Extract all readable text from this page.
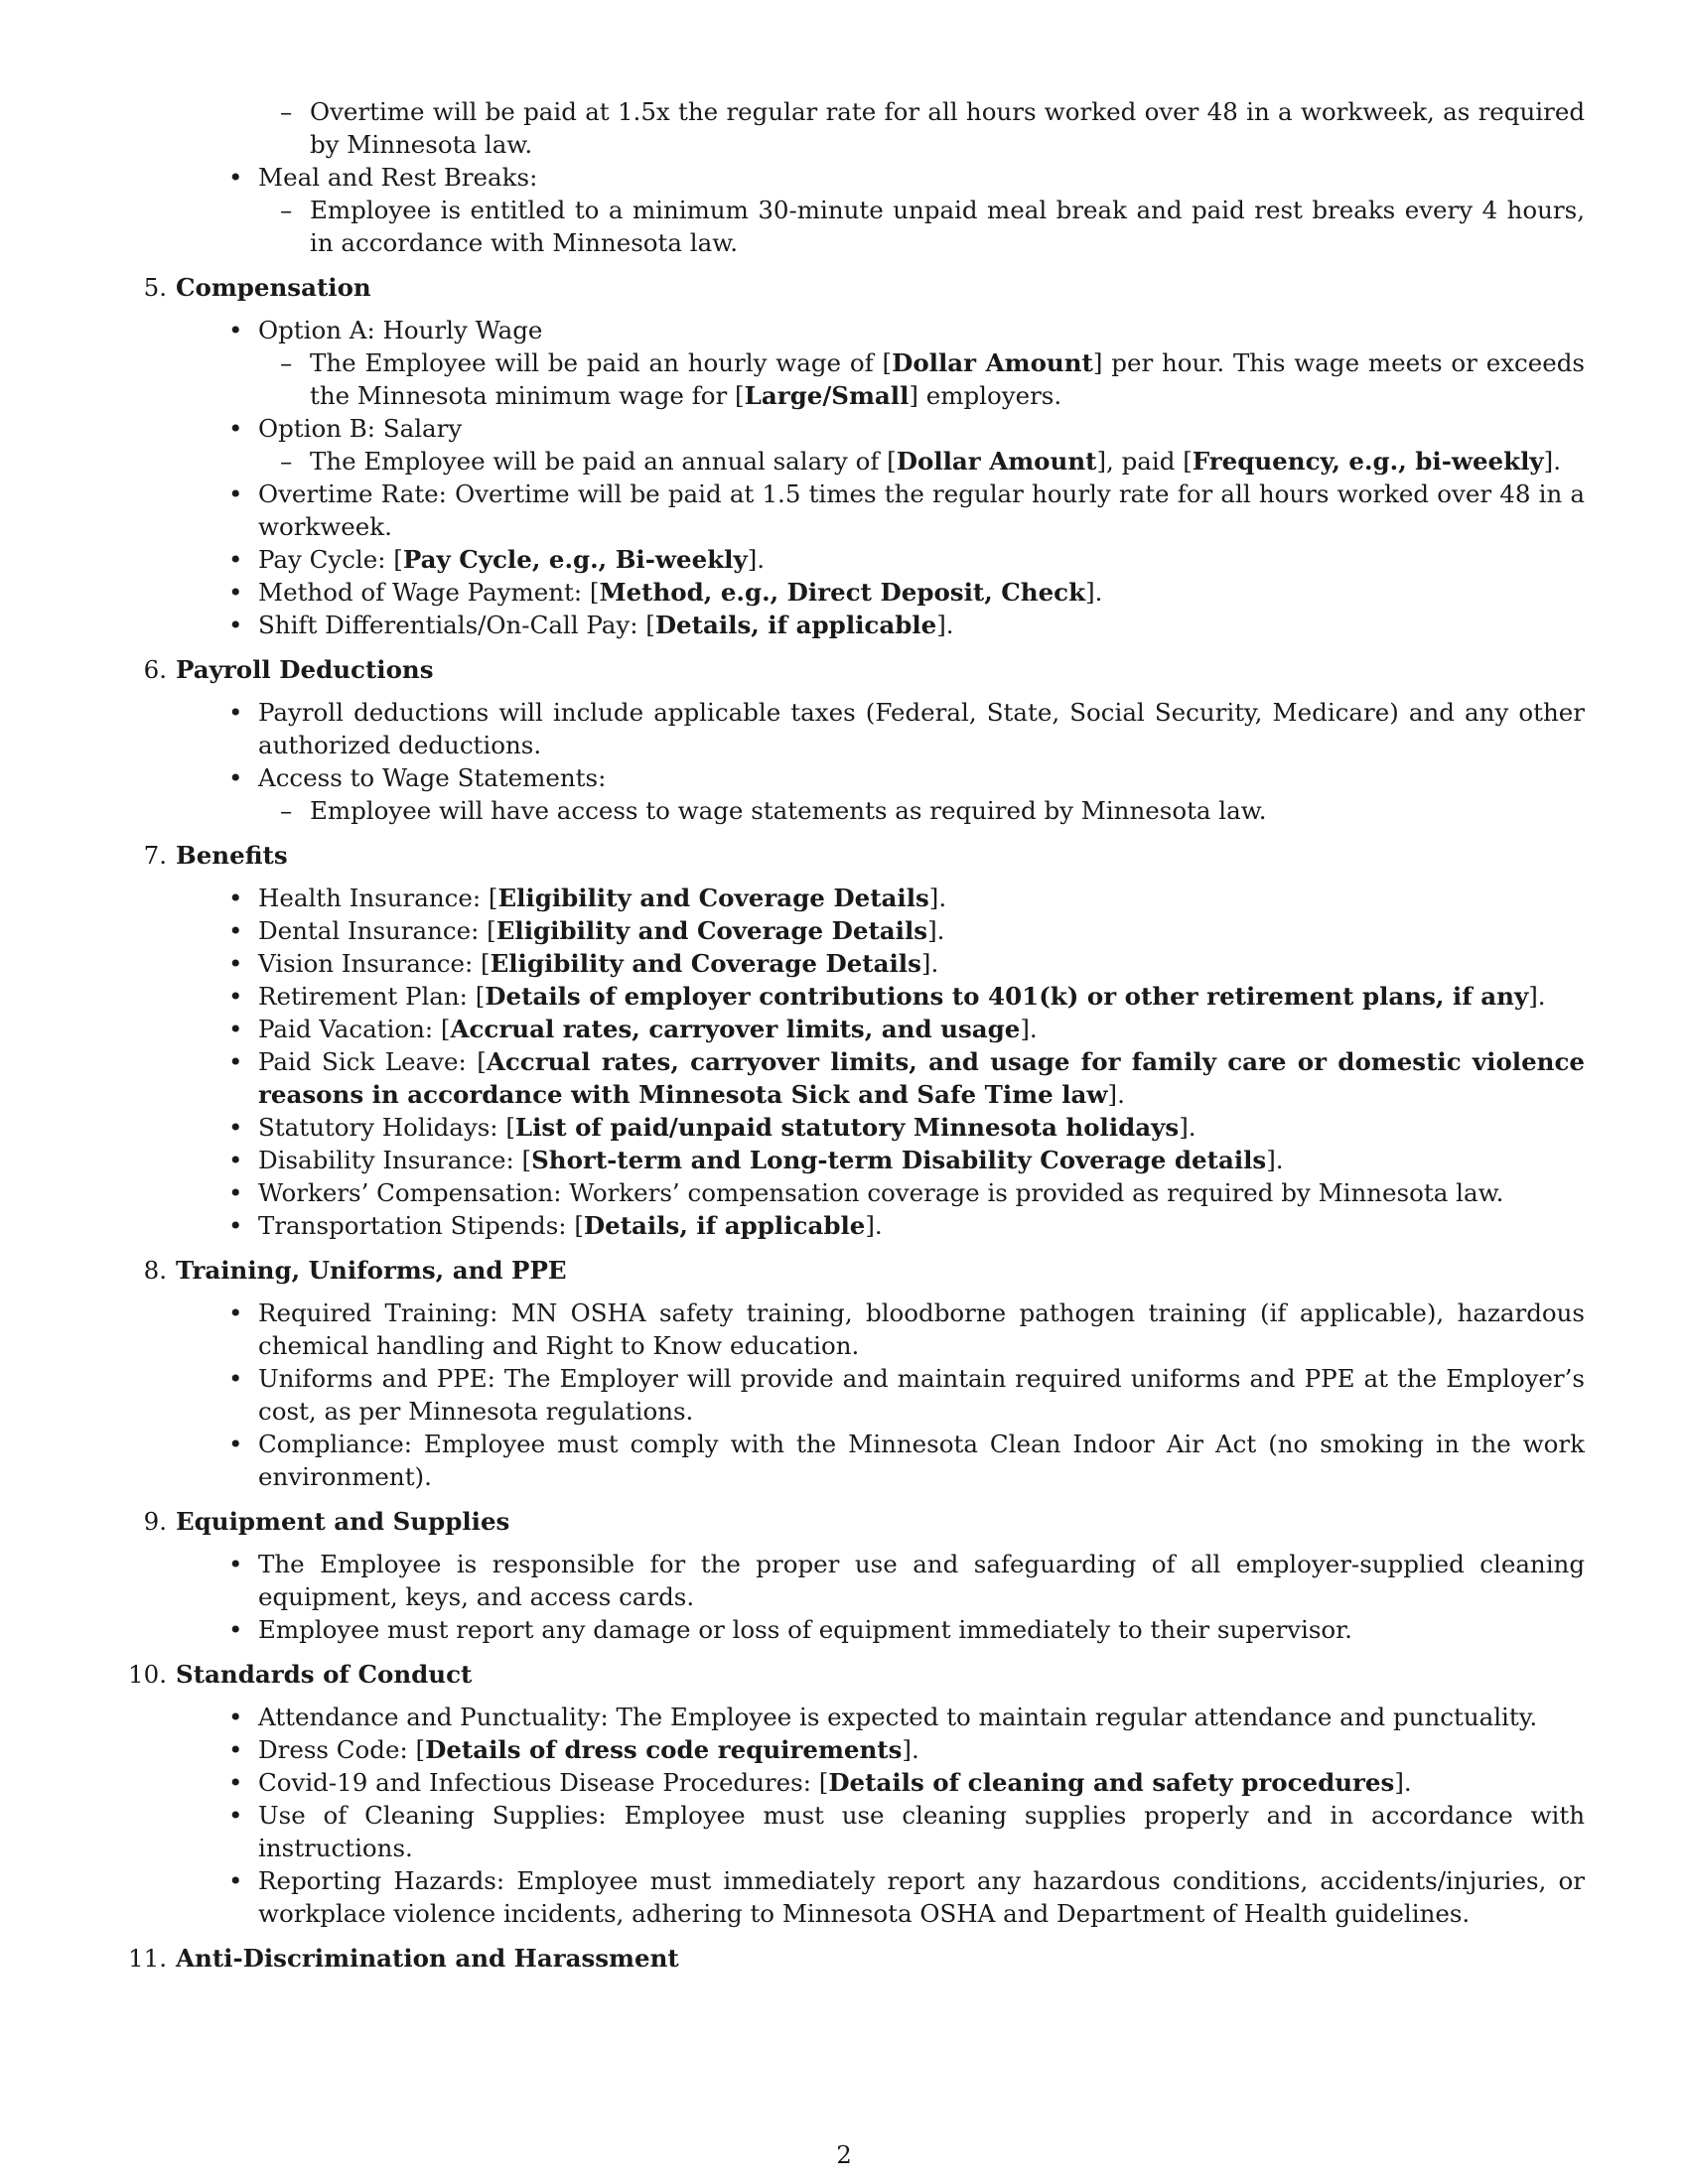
– Overtime will be paid at 1.5x the regular rate for all hours worked over 48 in a workweek, as required by Minnesota law.
• Meal and Rest Breaks:
– Employee is entitled to a minimum 30-minute unpaid meal break and paid rest breaks every 4 hours, in accordance with Minnesota law.
5. Compensation
• Option A: Hourly Wage
– The Employee will be paid an hourly wage of [Dollar Amount] per hour. This wage meets or exceeds the Minnesota minimum wage for [Large/Small] employers.
• Option B: Salary
– The Employee will be paid an annual salary of [Dollar Amount], paid [Frequency, e.g., bi-weekly].
• Overtime Rate: Overtime will be paid at 1.5 times the regular hourly rate for all hours worked over 48 in a workweek.
• Pay Cycle: [Pay Cycle, e.g., Bi-weekly].
• Method of Wage Payment: [Method, e.g., Direct Deposit, Check].
• Shift Differentials/On-Call Pay: [Details, if applicable].
6. Payroll Deductions
• Payroll deductions will include applicable taxes (Federal, State, Social Security, Medicare) and any other authorized deductions.
• Access to Wage Statements:
– Employee will have access to wage statements as required by Minnesota law.
7. Benefits
• Health Insurance: [Eligibility and Coverage Details].
• Dental Insurance: [Eligibility and Coverage Details].
• Vision Insurance: [Eligibility and Coverage Details].
• Retirement Plan: [Details of employer contributions to 401(k) or other retirement plans, if any].
• Paid Vacation: [Accrual rates, carryover limits, and usage].
• Paid Sick Leave: [Accrual rates, carryover limits, and usage for family care or domestic violence reasons in accordance with Minnesota Sick and Safe Time law].
• Statutory Holidays: [List of paid/unpaid statutory Minnesota holidays].
• Disability Insurance: [Short-term and Long-term Disability Coverage details].
• Workers’ Compensation: Workers’ compensation coverage is provided as required by Minnesota law.
• Transportation Stipends: [Details, if applicable].
8. Training, Uniforms, and PPE
• Required Training: MN OSHA safety training, bloodborne pathogen training (if applicable), hazardous chemical handling and Right to Know education.
• Uniforms and PPE: The Employer will provide and maintain required uniforms and PPE at the Employer’s cost, as per Minnesota regulations.
• Compliance: Employee must comply with the Minnesota Clean Indoor Air Act (no smoking in the work environment).
9. Equipment and Supplies
• The Employee is responsible for the proper use and safeguarding of all employer-supplied cleaning equipment, keys, and access cards.
• Employee must report any damage or loss of equipment immediately to their supervisor.
10. Standards of Conduct
• Attendance and Punctuality: The Employee is expected to maintain regular attendance and punctuality.
• Dress Code: [Details of dress code requirements].
• Covid-19 and Infectious Disease Procedures: [Details of cleaning and safety procedures].
• Use of Cleaning Supplies: Employee must use cleaning supplies properly and in accordance with instructions.
• Reporting Hazards: Employee must immediately report any hazardous conditions, accidents/injuries, or workplace violence incidents, adhering to Minnesota OSHA and Department of Health guidelines.
11. Anti-Discrimination and Harassment
2
